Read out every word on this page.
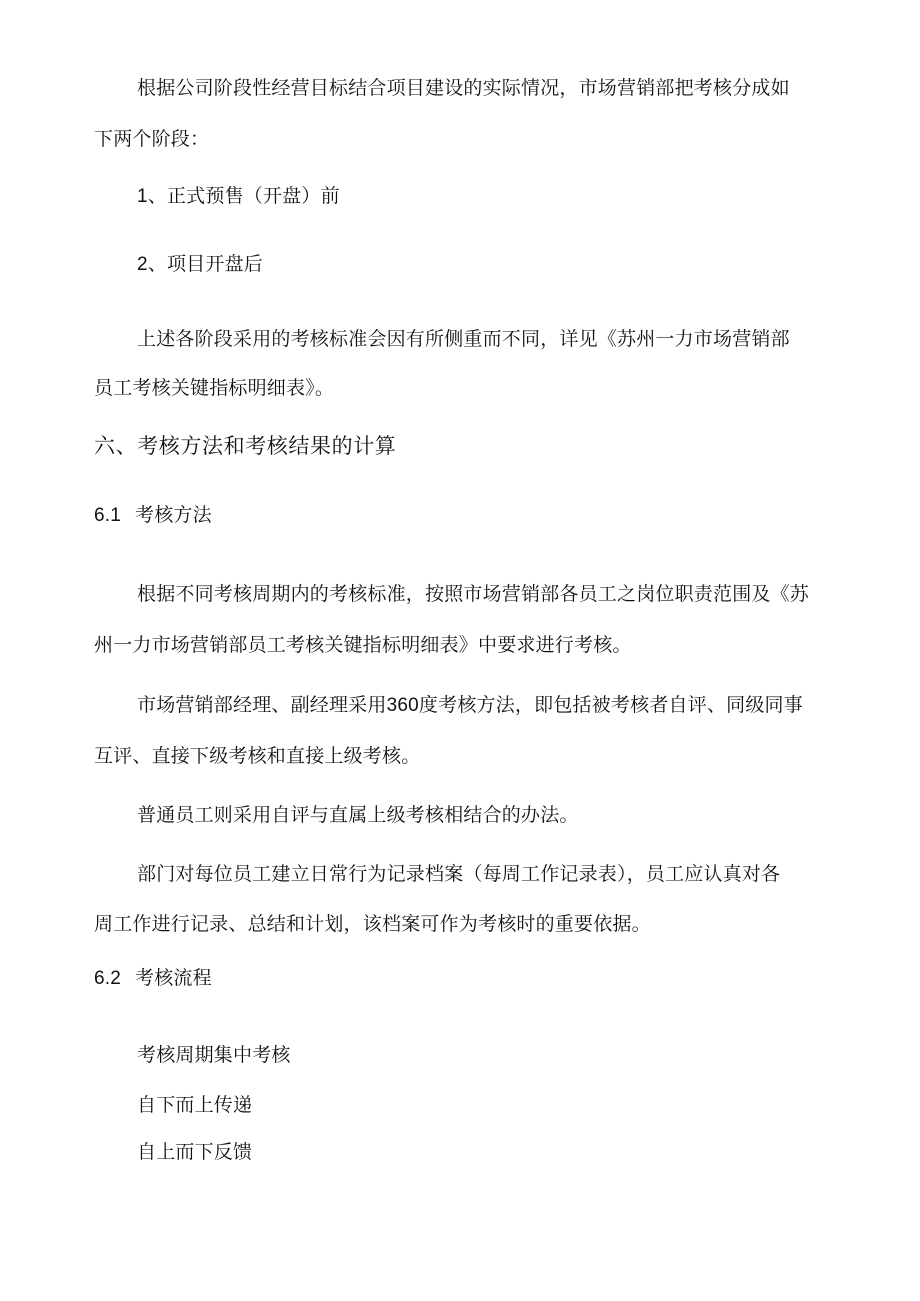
根据公司阶段性经营目标结合项目建设的实际情况，市场营销部把考核分成如
下两个阶段：
1、正式预售（开盘）前
2、项目开盘后
上述各阶段采用的考核标准会因有所侧重而不同，详见《苏州一力市场营销部
员工考核关键指标明细表》。
六、考核方法和考核结果的计算
6.1 考核方法
根据不同考核周期内的考核标准，按照市场营销部各员工之岗位职责范围及《苏
州一力市场营销部员工考核关键指标明细表》中要求进行考核。
市场营销部经理、副经理采用360度考核方法，即包括被考核者自评、同级同事
互评、直接下级考核和直接上级考核。
普通员工则采用自评与直属上级考核相结合的办法。
部门对每位员工建立日常行为记录档案（每周工作记录表），员工应认真对各
周工作进行记录、总结和计划，该档案可作为考核时的重要依据。
6.2 考核流程
考核周期集中考核
自下而上传递
自上而下反馈
